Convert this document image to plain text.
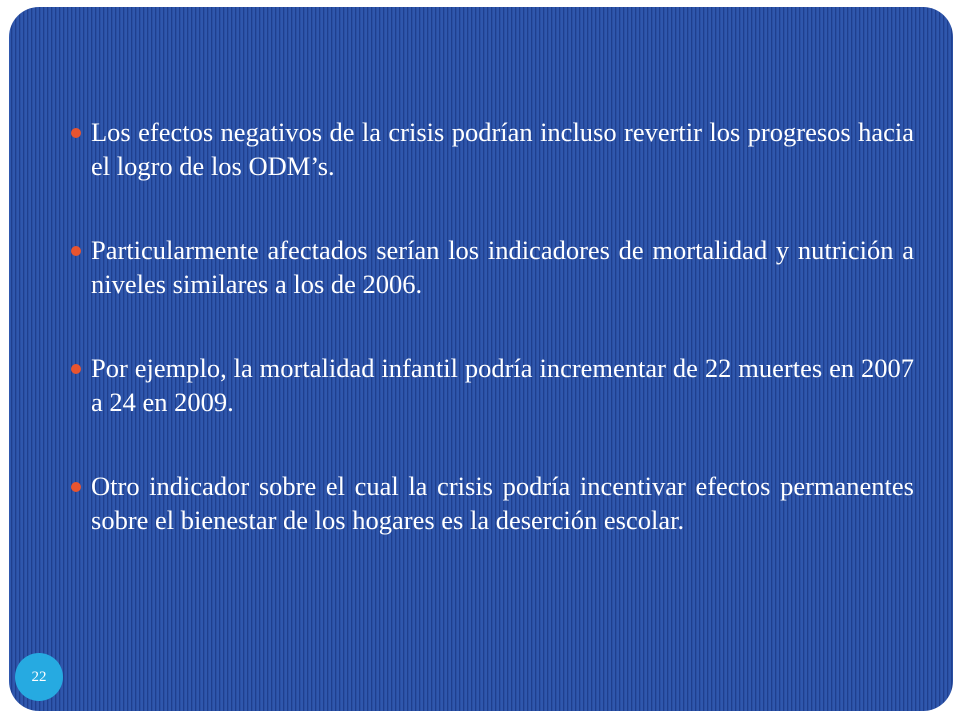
Los efectos negativos de la crisis podrían incluso revertir los progresos hacia el logro de los ODM’s.
Particularmente afectados serían los indicadores de mortalidad y nutrición a niveles similares a los de 2006.
Por ejemplo, la mortalidad infantil podría incrementar de 22 muertes en 2007 a 24 en 2009.
Otro indicador sobre el cual la crisis podría incentivar efectos permanentes sobre el bienestar de los hogares es la deserción escolar.
22
